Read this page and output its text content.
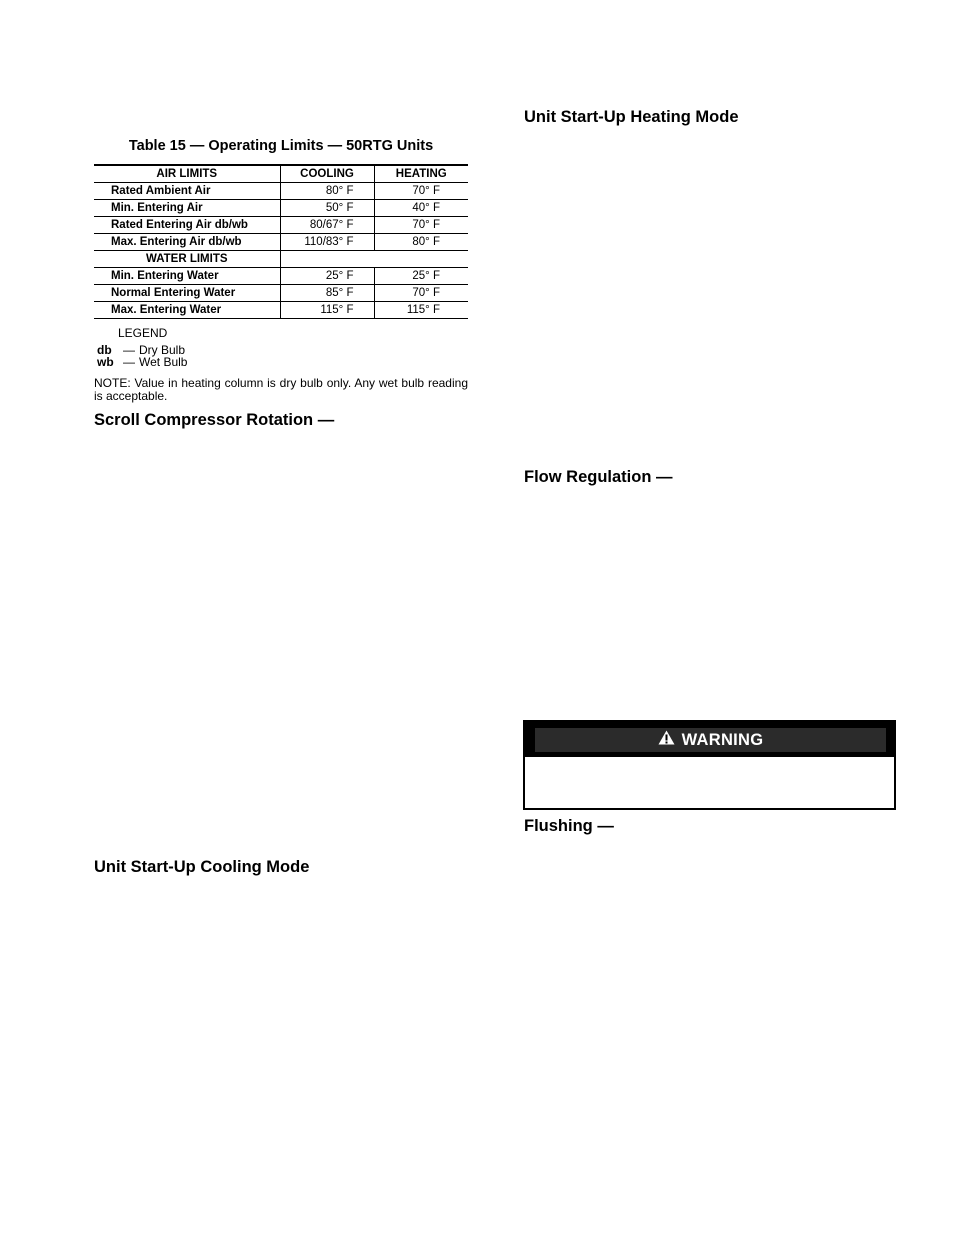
Unit Start-Up Heating Mode
Table 15 — Operating Limits — 50RTG Units
AIR LIMITS	COOLING	HEATING
Rated Ambient Air	80° F	70° F
Min. Entering Air	50° F	40° F
Rated Entering Air db/wb	80/67° F	70° F
Max. Entering Air db/wb	110/83° F	80° F
WATER LIMITS		
Min. Entering Water	25° F	25° F
Normal Entering Water	85° F	70° F
Max. Entering Water	115° F	115° F
LEGEND
db — Dry Bulb
wb — Wet Bulb

NOTE: Value in heating column is dry bulb only. Any wet bulb reading is acceptable.

Scroll Compressor Rotation —
Unit Start-Up Cooling Mode
Flow Regulation —
WARNING
Flushing —
